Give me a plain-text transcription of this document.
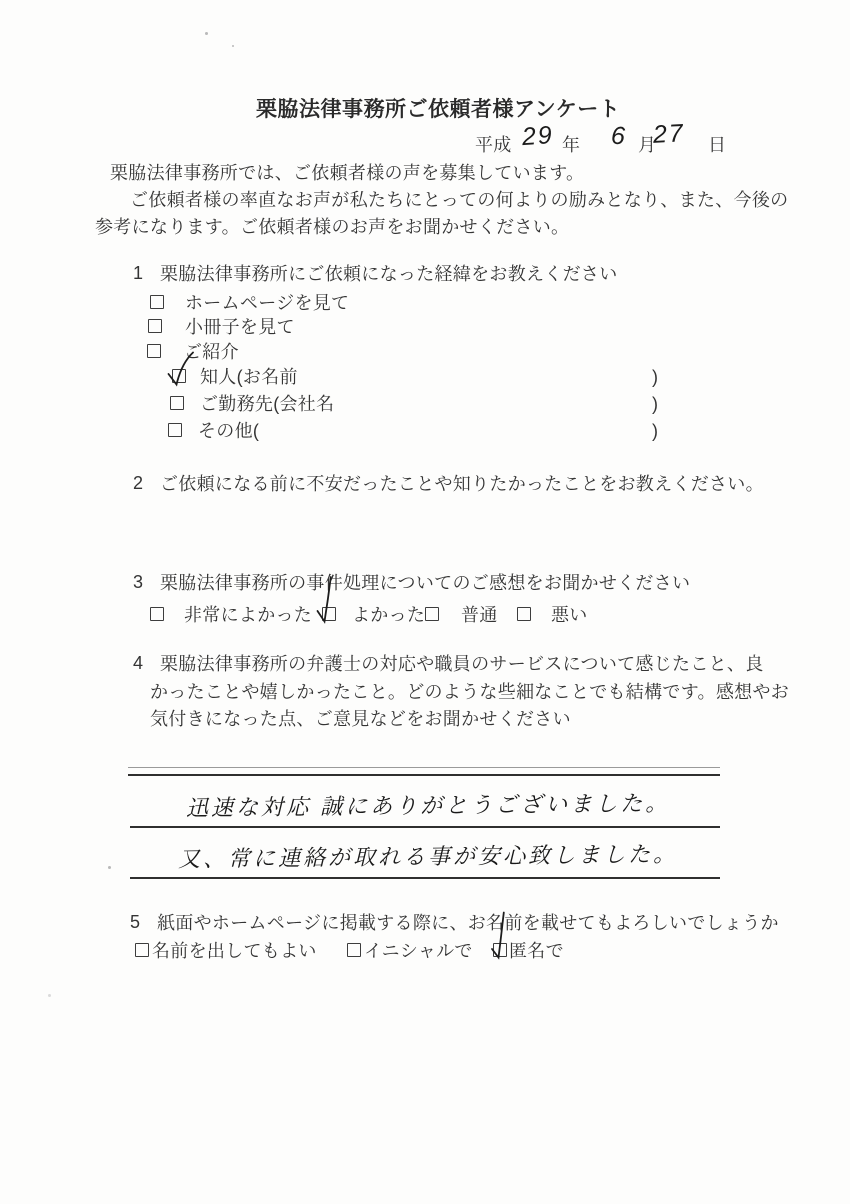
栗脇法律事務所ご依頼者様アンケート
平成 29 年 6 月
27 日
栗脇法律事務所では、ご依頼者様の声を募集しています。
ご依頼者様の率直なお声が私たちにとっての何よりの励みとなり、また、今後の
参考になります。ご依頼者様のお声をお聞かせください。
1 栗脇法律事務所にご依頼になった経緯をお教えください
ホームページを見て
小冊子を見て
ご紹介
知人(お名前	)
ご勤務先(会社名	)
その他(	)
2 ご依頼になる前に不安だったことや知りたかったことをお教えください。
3 栗脇法律事務所の事件処理についてのご感想をお聞かせください
非常によかった よかった 普通	悪い
4 栗脇法律事務所の弁護士の対応や職員のサービスについて感じたこと、良
かったことや嬉しかったこと。どのような些細なことでも結構です。感想やお
気付きになった点、ご意見などをお聞かせください
迅速な対応 誠にありがとうございました。
又、常に連絡が取れる事が安心致しました。
5 紙面やホームページに掲載する際に、お名前を載せてもよろしいでしょうか
名前を出してもよい	イニシャルで 匿名で
